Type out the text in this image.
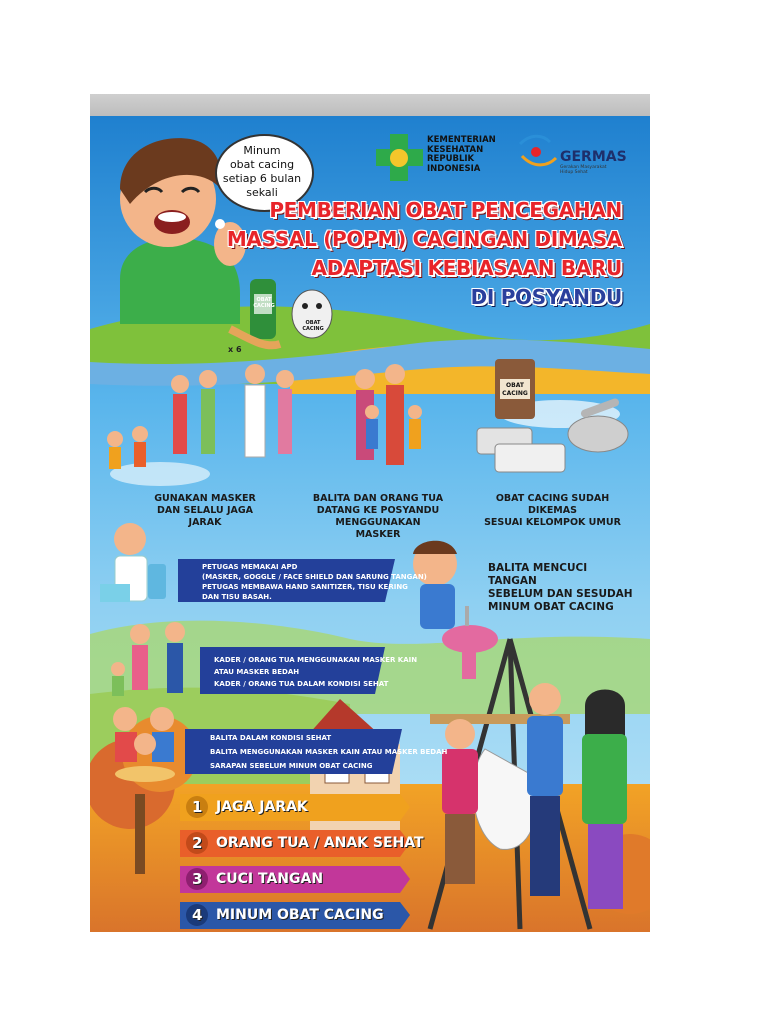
Minum
obat cacing
setiap 6 bulan
sekali
OBAT CACING
OBAT CACING
x 6
OBAT
CACING
KEMENTERIAN
KESEHATAN
REPUBLIK
INDONESIA
GERMAS
Gerakan Masyarakat
Hidup Sehat
PEMBERIAN OBAT PENCEGAHAN
MASSAL (POPM) CACINGAN DIMASA
ADAPTASI KEBIASAAN BARU
DI POSYANDU
GUNAKAN MASKER
DAN SELALU JAGA JARAK
BALITA DAN ORANG TUA
DATANG KE POSYANDU MENGGUNAKAN
MASKER
OBAT CACING SUDAH DIKEMAS
SESUAI KELOMPOK UMUR
BALITA MENCUCI TANGAN
SEBELUM DAN SESUDAH
MINUM OBAT CACING
PETUGAS MEMAKAI APD
(MASKER, GOGGLE / FACE SHIELD DAN SARUNG TANGAN)
PETUGAS MEMBAWA HAND SANITIZER, TISU KERING
DAN TISU BASAH.
KADER / ORANG TUA MENGGUNAKAN MASKER KAIN
ATAU MASKER BEDAH
KADER / ORANG TUA DALAM KONDISI SEHAT
BALITA DALAM KONDISI SEHAT
BALITA MENGGUNAKAN MASKER KAIN ATAU MASKER BEDAH
SARAPAN SEBELUM MINUM OBAT CACING
1 JAGA JARAK
2 ORANG TUA / ANAK SEHAT
3 CUCI TANGAN
4 MINUM OBAT CACING
